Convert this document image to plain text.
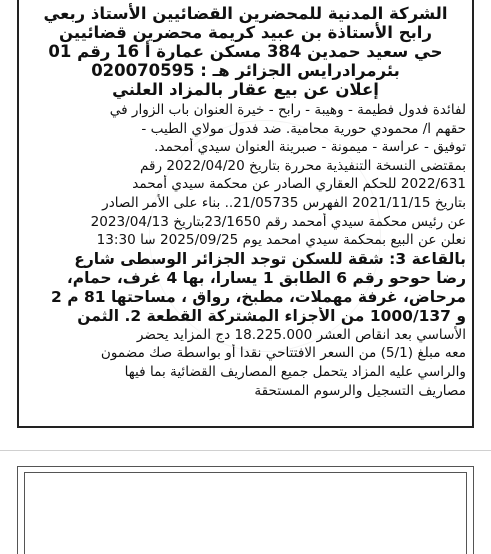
الشركة المدنية للمحضرين القضائيين الأستاذ ربعي
رابح الأستاذة بن عبيد كريمة محضرين قضائيين
حي سعيد حمدين 384 مسكن عمارة أ 16 رقم 01
بئرمرادرايس الجزائر هـ : 020070595
إعلان عن بيع عقار بالمزاد العلني
لفائدة فدول فطيمة - وهيبة - رابح - خيرة العنوان باب الزوار في
حقهم ا/ محمودي حورية محامية. ضد فدول مولاي الطيب -
توفيق - عراسة - ميمونة - صبرينة العنوان سيدي أمحمد.
بمقتضى النسخة التنفيذية محررة بتاريخ 2022/04/20 رقم
2022/631 للحكم العقاري الصادر عن محكمة سيدي أمحمد
بتاريخ 2021/11/15 الفهرس 21/05735.. بناء على الأمر الصادر
عن رئيس محكمة سيدي أمحمد رقم 23/1650بتاريخ 2023/04/13
نعلن عن البيع بمحكمة سيدي امحمد يوم 2025/09/25 سا 13:30
بالقاعة 3: شقة للسكن توجد الجزائر الوسطى شارع
رضا حوحو رقم 6 الطابق 1 يسارا، بها 4 غرف، حمام،
مرحاض، غرفة مهملات، مطبخ، رواق ، مساحتها 81 م 2
و 1000/137 من الأجزاء المشتركة القطعة 2. الثمن
الأساسي بعد انقاص العشر 18.225.000 دج المزايد يحضر
معه مبلغ (5/1) من السعر الافتتاحي نقدا أو بواسطة صك مضمون
والراسي عليه المزاد يتحمل جميع المصاريف القضائية بما فيها
مصاريف التسجيل والرسوم المستحقة
